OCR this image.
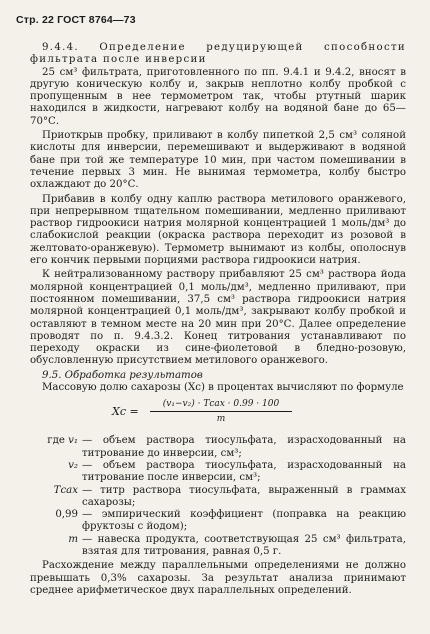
Стр. 22 ГОСТ 8764—73

9.4.4. Определение редуцирующей способности фильтрата после инверсии

25 см³ фильтрата, приготовленного по пп. 9.4.1 и 9.4.2, вносят в другую коническую колбу и, закрыв неплотно колбу пробкой с пропущенным в нее термометром так, чтобы ртутный шарик находился в жидкости, нагревают колбу на водяной бане до 65—70°С.

Приоткрыв пробку, приливают в колбу пипеткой 2,5 см³ соляной кислоты для инверсии, перемешивают и выдерживают в водяной бане при той же температуре 10 мин, при частом помешивании в течение первых 3 мин. Не вынимая термометра, колбу быстро охлаждают до 20°С.

Прибавив в колбу одну каплю раствора метилового оранжевого, при непрерывном тщательном помешивании, медленно приливают раствор гидроокиси натрия молярной концентрацией 1 моль/дм³ до слабокислой реакции (окраска раствора переходит из розовой в желтовато-оранжевую). Термометр вынимают из колбы, ополоснув его кончик первыми порциями раствора гидроокиси натрия.

К нейтрализованному раствору прибавляют 25 см³ раствора йода молярной концентрацией 0,1 моль/дм³, медленно приливают, при постоянном помешивании, 37,5 см³ раствора гидроокиси натрия молярной концентрацией 0,1 моль/дм³, закрывают колбу пробкой и оставляют в темном месте на 20 мин при 20°С. Далее определение проводят по п. 9.4.3.2. Конец титрования устанавливают по переходу окраски из сине-фиолетовой в бледно-розовую, обусловленную присутствием метилового оранжевого.

9.5. Обработка результатов

Массовую долю сахарозы (Xс) в процентах вычисляют по формуле

Xс =
(v₁−v₂) · Tсах · 0.99 · 100
m
где v₁ — объем раствора тиосульфата, израсходованный на титрование до инверсии, см³;
v₂ — объем раствора тиосульфата, израсходованный на титрование после инверсии, см³;
Tсах — титр раствора тиосульфата, выраженный в граммах сахарозы;
0,99 — эмпирический коэффициент (поправка на реакцию фруктозы с йодом);
m — навеска продукта, соответствующая 25 см³ фильтрата, взятая для титрования, равная 0,5 г.

Расхождение между параллельными определениями не должно превышать 0,3% сахарозы. За результат анализа принимают среднее арифметическое двух параллельных определений.
